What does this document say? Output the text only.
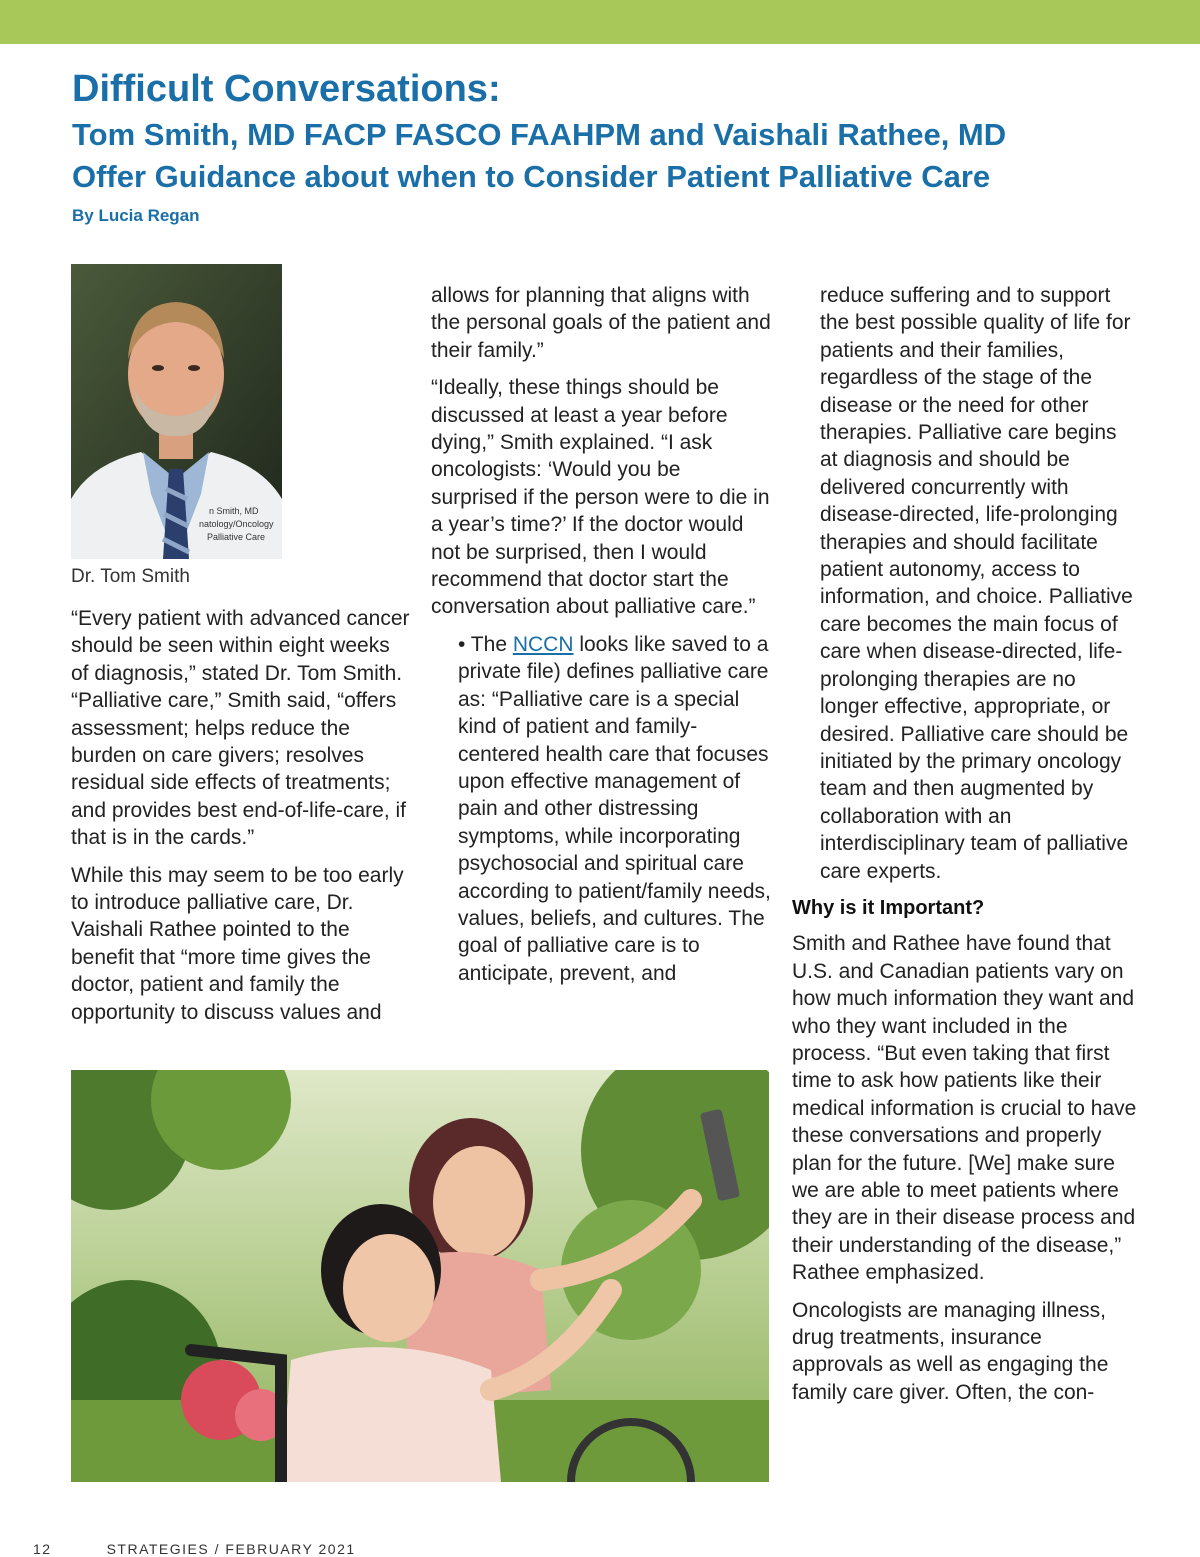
Difficult Conversations:
Tom Smith, MD FACP FASCO FAAHPM and Vaishali Rathee, MD
Offer Guidance about when to Consider Patient Palliative Care
By Lucia Regan
n Smith, MD
natology/Oncology
Palliative Care
Dr. Tom Smith

“Every patient with advanced cancer should be seen within eight weeks of diagnosis,” stated Dr. Tom Smith. “Palliative care,” Smith said, “offers assessment; helps reduce the burden on care givers; resolves residual side effects of treatments; and provides best end-of-life-care, if that is in the cards.”

While this may seem to be too early to introduce palliative care, Dr. Vaishali Rathee pointed to the benefit that “more time gives the doctor, patient and family the opportunity to discuss values and

allows for planning that aligns with the personal goals of the patient and their family.”

“Ideally, these things should be discussed at least a year before dying,” Smith explained. “I ask oncologists: ‘Would you be surprised if the person were to die in a year’s time?’ If the doctor would not be surprised, then I would recommend that doctor start the conversation about palliative care.”

• The NCCN looks like saved to a private file) defines palliative care as: “Palliative care is a special kind of patient and family-centered health care that focuses upon effective management of pain and other distressing symptoms, while incorporating psychosocial and spiritual care according to patient/family needs, values, beliefs, and cultures. The goal of palliative care is to anticipate, prevent, and

reduce suffering and to support the best possible quality of life for patients and their families, regardless of the stage of the disease or the need for other therapies. Palliative care begins at diagnosis and should be delivered concurrently with disease-directed, life-prolonging therapies and should facilitate patient autonomy, access to information, and choice. Palliative care becomes the main focus of care when disease-directed, life-prolonging therapies are no longer effective, appropriate, or desired. Palliative care should be initiated by the primary oncology team and then augmented by collaboration with an interdisciplinary team of palliative care experts.

Why is it Important?

Smith and Rathee have found that U.S. and Canadian patients vary on how much information they want and who they want included in the process. “But even taking that first time to ask how patients like their medical information is crucial to have these conversations and properly plan for the future. [We] make sure we are able to meet patients where they are in their disease process and their understanding of the disease,” Rathee emphasized.

Oncologists are managing illness, drug treatments, insurance approvals as well as engaging the family care giver. Often, the con-

12	STRATEGIES / FEBRUARY 2021
